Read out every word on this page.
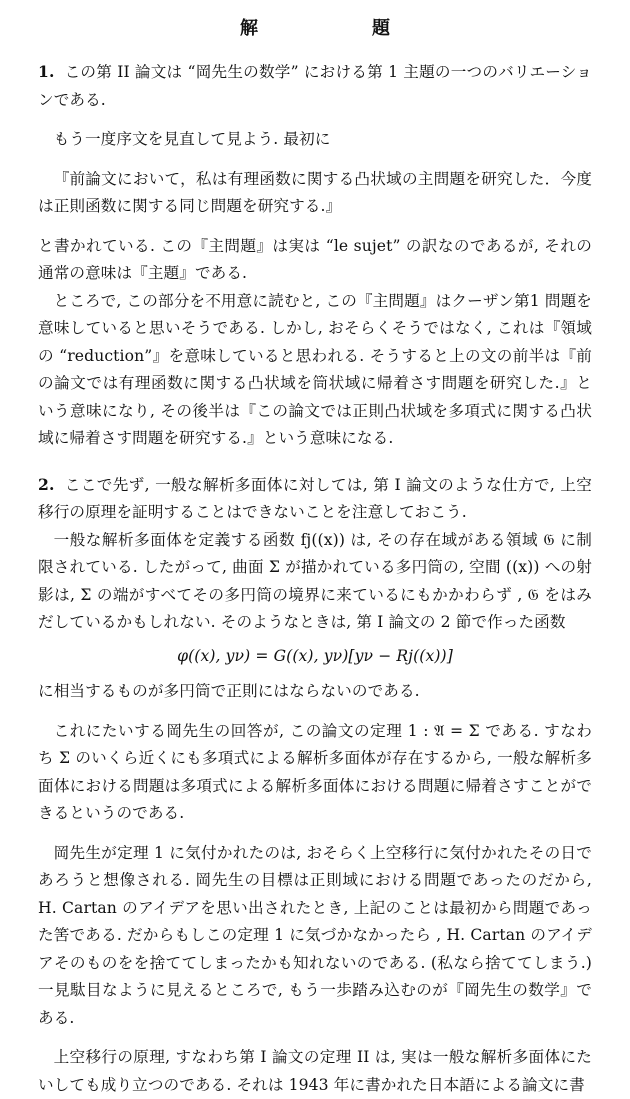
解　　題

1. この第 II 論文は “岡先生の数学” における第 1 主題の一つのバリエーションである.

もう一度序文を見直して見よう. 最初に

『前論文において，私は有理函数に関する凸状域の主問題を研究した．今度は正則函数に関する同じ問題を研究する.』

と書かれている. この『主問題』は実は “le sujet” の訳なのであるが, それの通常の意味は『主題』である.

ところで, この部分を不用意に読むと, この『主問題』はクーザン第1 問題を意味していると思いそうである. しかし, おそらくそうではなく, これは『領域の “reduction”』を意味していると思われる. そうすると上の文の前半は『前の論文では有理函数に関する凸状域を筒状域に帰着さす問題を研究した.』という意味になり, その後半は『この論文では正則凸状域を多項式に関する凸状域に帰着さす問題を研究する.』という意味になる.

2. ここで先ず, 一般な解析多面体に対しては, 第 I 論文のような仕方で, 上空移行の原理を証明することはできないことを注意しておこう.

一般な解析多面体を定義する函数 fj((x)) は, その存在域がある領域 𝔊 に制限されている. したがって, 曲面 Σ が描かれている多円筒の, 空間 ((x)) への射影は, Σ の端がすべてその多円筒の境界に来ているにもかかわらず , 𝔊 をはみだしているかもしれない. そのようなときは, 第 I 論文の 2 節で作った函数

φ((x), yν) = G((x), yν)[yν − Rj((x))]

に相当するものが多円筒で正則にはならないのである.

これにたいする岡先生の回答が, この論文の定理 1 : 𝔄 = Σ である. すなわち Σ のいくら近くにも多項式による解析多面体が存在するから, 一般な解析多面体における問題は多項式による解析多面体における問題に帰着さすことができるというのである.

岡先生が定理 1 に気付かれたのは, おそらく上空移行に気付かれたその日であろうと想像される. 岡先生の目標は正則域における問題であったのだから, H. Cartan のアイデアを思い出されたとき, 上記のことは最初から問題であった筈である. だからもしこの定理 1 に気づかなかったら , H. Cartan のアイデアそのものをを捨ててしまったかも知れないのである. (私なら捨ててしまう.) 一見駄目なように見えるところで, もう一歩踏み込むのが『岡先生の数学』である.

上空移行の原理, すなわち第 I 論文の定理 II は, 実は一般な解析多面体にたいしても成り立つのである. それは 1943 年に書かれた日本語による論文に書
